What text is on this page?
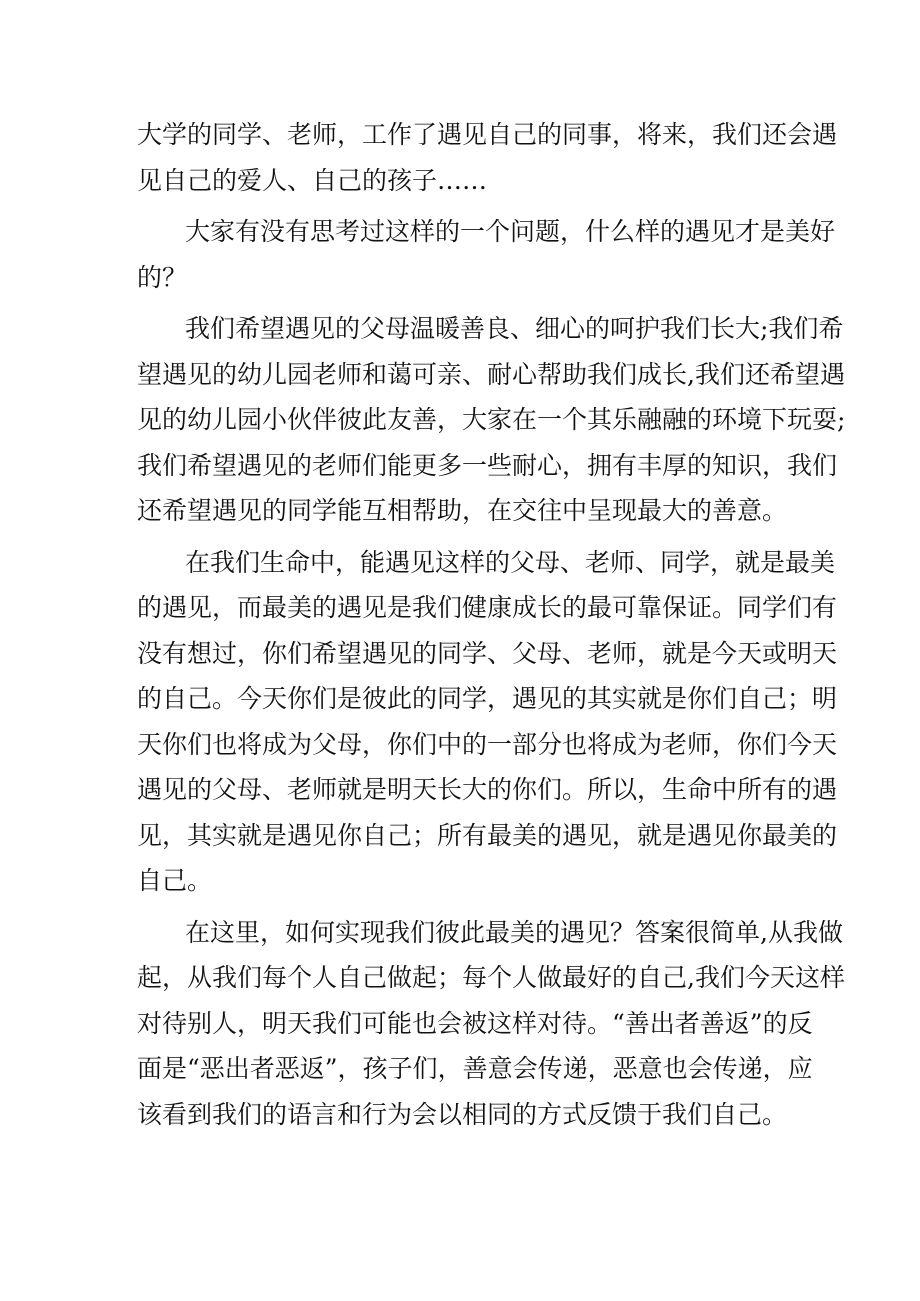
大学的同学、老师，工作了遇见自己的同事，将来，我们还会遇
见自己的爱人、自己的孩子……
大家有没有思考过这样的一个问题，什么样的遇见才是美好
的？
我们希望遇见的父母温暖善良、细心的呵护我们长大;我们希
望遇见的幼儿园老师和蔼可亲、耐心帮助我们成长,我们还希望遇
见的幼儿园小伙伴彼此友善，大家在一个其乐融融的环境下玩耍;
我们希望遇见的老师们能更多一些耐心，拥有丰厚的知识，我们
还希望遇见的同学能互相帮助，在交往中呈现最大的善意。
在我们生命中，能遇见这样的父母、老师、同学，就是最美
的遇见，而最美的遇见是我们健康成长的最可靠保证。同学们有
没有想过，你们希望遇见的同学、父母、老师，就是今天或明天
的自己。今天你们是彼此的同学，遇见的其实就是你们自己；明
天你们也将成为父母，你们中的一部分也将成为老师，你们今天
遇见的父母、老师就是明天长大的你们。所以，生命中所有的遇
见，其实就是遇见你自己；所有最美的遇见，就是遇见你最美的
自己。
在这里，如何实现我们彼此最美的遇见？答案很简单,从我做
起，从我们每个人自己做起；每个人做最好的自己,我们今天这样
对待别人，明天我们可能也会被这样对待。“善出者善返”的反
面是“恶出者恶返”，孩子们，善意会传递，恶意也会传递，应
该看到我们的语言和行为会以相同的方式反馈于我们自己。
